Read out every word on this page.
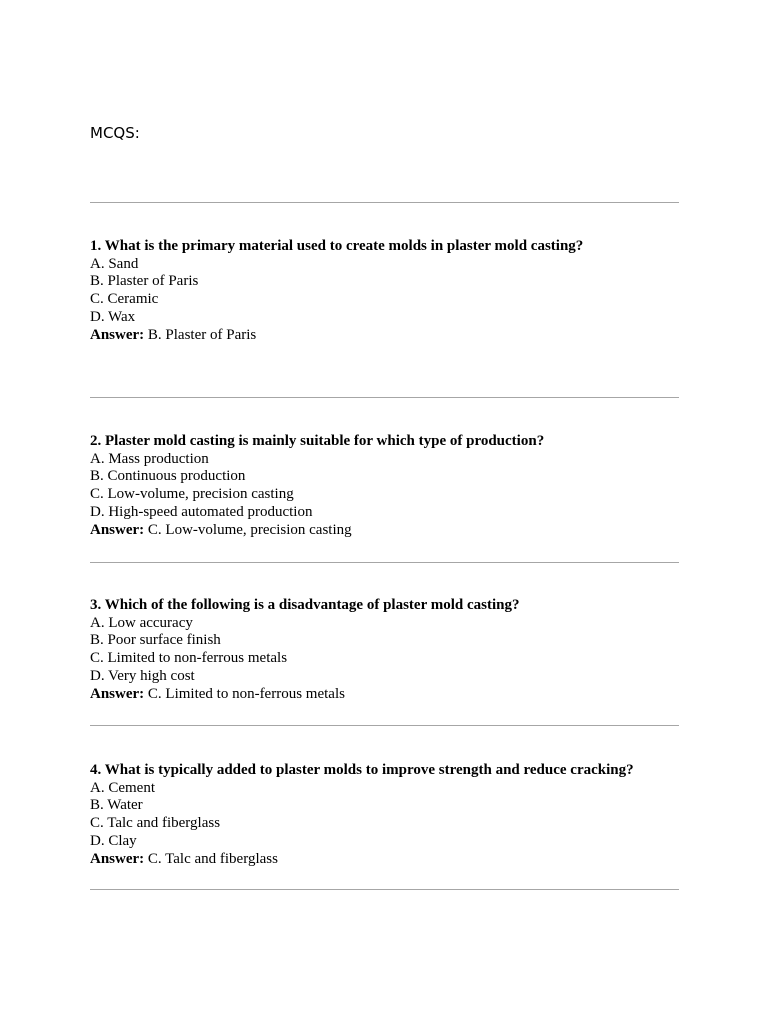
MCQS:

1. What is the primary material used to create molds in plaster mold casting?
A. Sand
B. Plaster of Paris
C. Ceramic
D. Wax
Answer: B. Plaster of Paris
2. Plaster mold casting is mainly suitable for which type of production?
A. Mass production
B. Continuous production
C. Low-volume, precision casting
D. High-speed automated production
Answer: C. Low-volume, precision casting
3. Which of the following is a disadvantage of plaster mold casting?
A. Low accuracy
B. Poor surface finish
C. Limited to non-ferrous metals
D. Very high cost
Answer: C. Limited to non-ferrous metals
4. What is typically added to plaster molds to improve strength and reduce cracking?
A. Cement
B. Water
C. Talc and fiberglass
D. Clay
Answer: C. Talc and fiberglass
